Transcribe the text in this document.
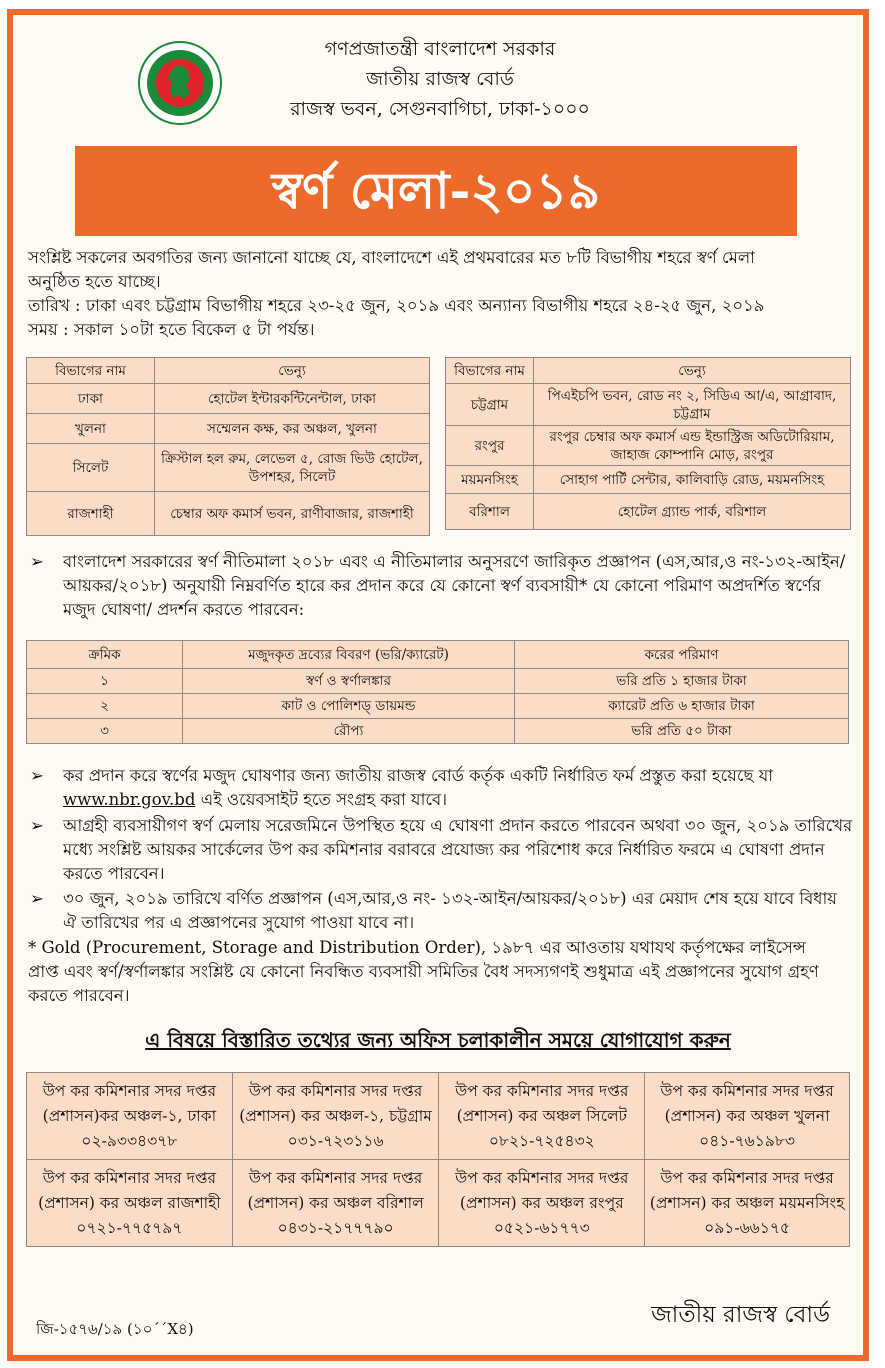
গণপ্রজাতন্ত্রী বাংলাদেশ সরকার
জাতীয় রাজস্ব বোর্ড
রাজস্ব ভবন, সেগুনবাগিচা, ঢাকা-১০০০
স্বর্ণ মেলা-২০১৯
সংশ্লিষ্ট সকলের অবগতির জন্য জানানো যাচ্ছে যে, বাংলাদেশে এই প্রথমবারের মত ৮টি বিভাগীয় শহরে স্বর্ণ মেলা
অনুষ্ঠিত হতে যাচ্ছে।
তারিখ : ঢাকা এবং চট্টগ্রাম বিভাগীয় শহরে ২৩-২৫ জুন, ২০১৯ এবং অন্যান্য বিভাগীয় শহরে ২৪-২৫ জুন, ২০১৯
সময় : সকাল ১০টা হতে বিকেল ৫ টা পর্যন্ত।
বিভাগের নাম	ভেন্যু
ঢাকা	হোটেল ইন্টারকন্টিনেন্টাল, ঢাকা
খুলনা	সম্মেলন কক্ষ, কর অঞ্চল, খুলনা
সিলেট	ক্রিস্টাল হল রুম, লেভেল ৫, রোজ ভিউ হোটেল, উপশহর, সিলেট
রাজশাহী	চেম্বার অফ কমার্স ভবন, রাণীবাজার, রাজশাহী
বিভাগের নাম	ভেন্যু
চট্টগ্রাম	পিএইচপি ভবন, রোড নং ২, সিডিএ আ/এ, আগ্রাবাদ, চট্টগ্রাম
রংপুর	রংপুর চেম্বার অফ কমার্স এন্ড ইন্ডাস্ট্রিজ অডিটোরিয়াম, জাহাজ কোম্পানি মোড়, রংপুর
ময়মনসিংহ	সোহাগ পার্টি সেন্টার, কালিবাড়ি রোড, ময়মনসিংহ
বরিশাল	হোটেল গ্র্যান্ড পার্ক, বরিশাল
➢ বাংলাদেশ সরকারের স্বর্ণ নীতিমালা ২০১৮ এবং এ নীতিমালার অনুসরণে জারিকৃত প্রজ্ঞাপন (এস,আর,ও নং-১৩২-আইন/ আয়কর/২০১৮) অনুযায়ী নিম্নবর্ণিত হারে কর প্রদান করে যে কোনো স্বর্ণ ব্যবসায়ী* যে কোনো পরিমাণ অপ্রদর্শিত স্বর্ণের মজুদ ঘোষণা/ প্রদর্শন করতে পারবেন:
ক্রমিক	মজুদকৃত দ্রব্যের বিবরণ (ভরি/ক্যারেট)	করের পরিমাণ
১	স্বর্ণ ও স্বর্ণালঙ্কার	ভরি প্রতি ১ হাজার টাকা
২	কাট ও পোলিশড্ ডায়মন্ড	ক্যারেট প্রতি ৬ হাজার টাকা
৩	রৌপ্য	ভরি প্রতি ৫০ টাকা
➢ কর প্রদান করে স্বর্ণের মজুদ ঘোষণার জন্য জাতীয় রাজস্ব বোর্ড কর্তৃক একটি নির্ধারিত ফর্ম প্রস্তুত করা হয়েছে যা www.nbr.gov.bd এই ওয়েবসাইট হতে সংগ্রহ করা যাবে।
➢ আগ্রহী ব্যবসায়ীগণ স্বর্ণ মেলায় সরেজমিনে উপস্থিত হয়ে এ ঘোষণা প্রদান করতে পারবেন অথবা ৩০ জুন, ২০১৯ তারিখের মধ্যে সংশ্লিষ্ট আয়কর সার্কেলের উপ কর কমিশনার বরাবরে প্রযোজ্য কর পরিশোধ করে নির্ধারিত ফরমে এ ঘোষণা প্রদান করতে পারবেন।
➢ ৩০ জুন, ২০১৯ তারিখে বর্ণিত প্রজ্ঞাপন (এস,আর,ও নং- ১৩২-আইন/আয়কর/২০১৮) এর মেয়াদ শেষ হয়ে যাবে বিধায় ঐ তারিখের পর এ প্রজ্ঞাপনের সুযোগ পাওয়া যাবে না।
* Gold (Procurement, Storage and Distribution Order), ১৯৮৭ এর আওতায় যথাযথ কর্তৃপক্ষের লাইসেন্স প্রাপ্ত এবং স্বর্ণ/স্বর্ণালঙ্কার সংশ্লিষ্ট যে কোনো নিবন্ধিত ব্যবসায়ী সমিতির বৈধ সদস্যগণই শুধুমাত্র এই প্রজ্ঞাপনের সুযোগ গ্রহণ করতে পারবেন।
এ বিষয়ে বিস্তারিত তথ্যের জন্য অফিস চলাকালীন সময়ে যোগাযোগ করুন
উপ কর কমিশনার সদর দপ্তর (প্রশাসন)কর অঞ্চল-১, ঢাকা ০২-৯৩৩৪৩৭৮	উপ কর কমিশনার সদর দপ্তর (প্রশাসন) কর অঞ্চল-১, চট্টগ্রাম ০৩১-৭২৩১১৬	উপ কর কমিশনার সদর দপ্তর (প্রশাসন) কর অঞ্চল সিলেট ০৮২১-৭২৫৪৩২	উপ কর কমিশনার সদর দপ্তর (প্রশাসন) কর অঞ্চল খুলনা ০৪১-৭৬১৯৮৩
উপ কর কমিশনার সদর দপ্তর (প্রশাসন) কর অঞ্চল রাজশাহী ০৭২১-৭৭৫৭৯৭	উপ কর কমিশনার সদর দপ্তর (প্রশাসন) কর অঞ্চল বরিশাল ০৪৩১-২১৭৭৭৯০	উপ কর কমিশনার সদর দপ্তর (প্রশাসন) কর অঞ্চল রংপুর ০৫২১-৬১৭৭৩	উপ কর কমিশনার সদর দপ্তর (প্রশাসন) কর অঞ্চল ময়মনসিংহ ০৯১-৬৬১৭৫
জি-১৫৭৬/১৯ (১০´´X৪)
জাতীয় রাজস্ব বোর্ড
